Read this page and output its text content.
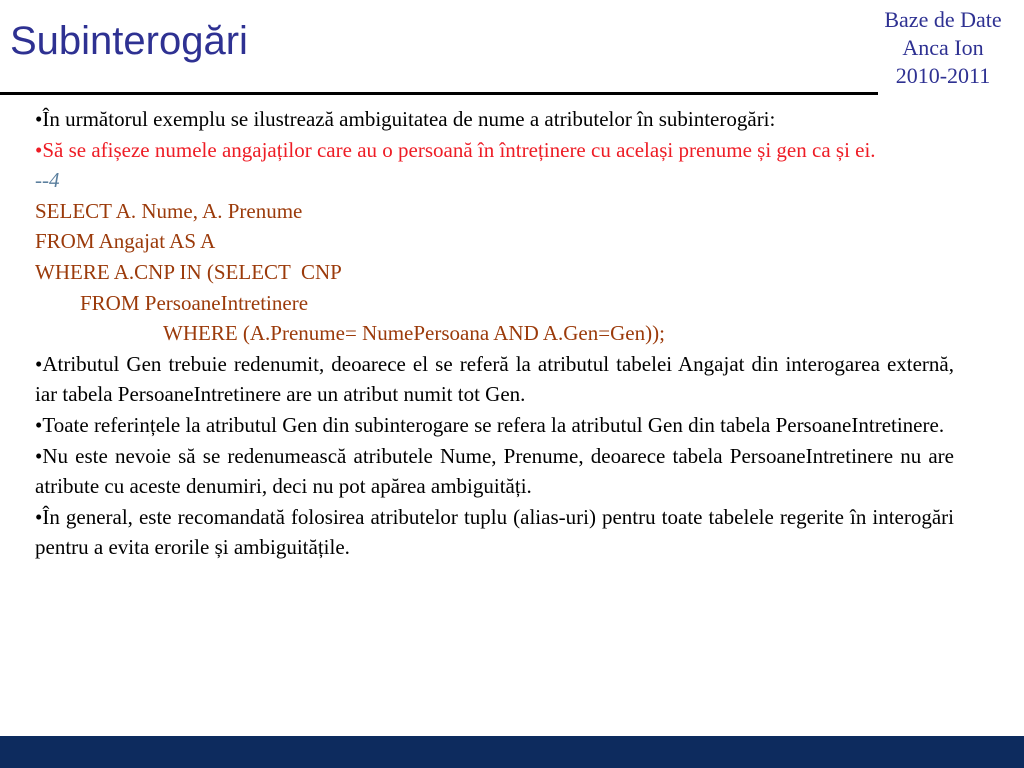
Subinterogări	Baze de Date
Anca Ion
2010-2011

•În următorul exemplu se ilustrează ambiguitatea de nume a atributelor în subinterogări:

•Să se afișeze numele angajaților care au o persoană în întreținere cu același prenume și gen ca și ei.

--4

SELECT A. Nume, A. Prenume

FROM Angajat AS A

WHERE A.CNP IN (SELECT  CNP

FROM PersoaneIntretinere

WHERE (A.Prenume= NumePersoana AND A.Gen=Gen));

•Atributul Gen trebuie redenumit, deoarece el se referă la atributul tabelei Angajat din interogarea externă, iar tabela PersoaneIntretinere are un atribut numit tot Gen.

•Toate referințele la atributul Gen din subinterogare se refera la atributul Gen din tabela PersoaneIntretinere.

•Nu este nevoie să se redenumească atributele Nume, Prenume, deoarece tabela PersoaneIntretinere nu are atribute cu aceste denumiri, deci nu pot apărea ambiguități.

•În general, este recomandată folosirea atributelor tuplu (alias-uri) pentru toate tabelele regerite în interogări pentru a evita erorile și ambiguitățile.
